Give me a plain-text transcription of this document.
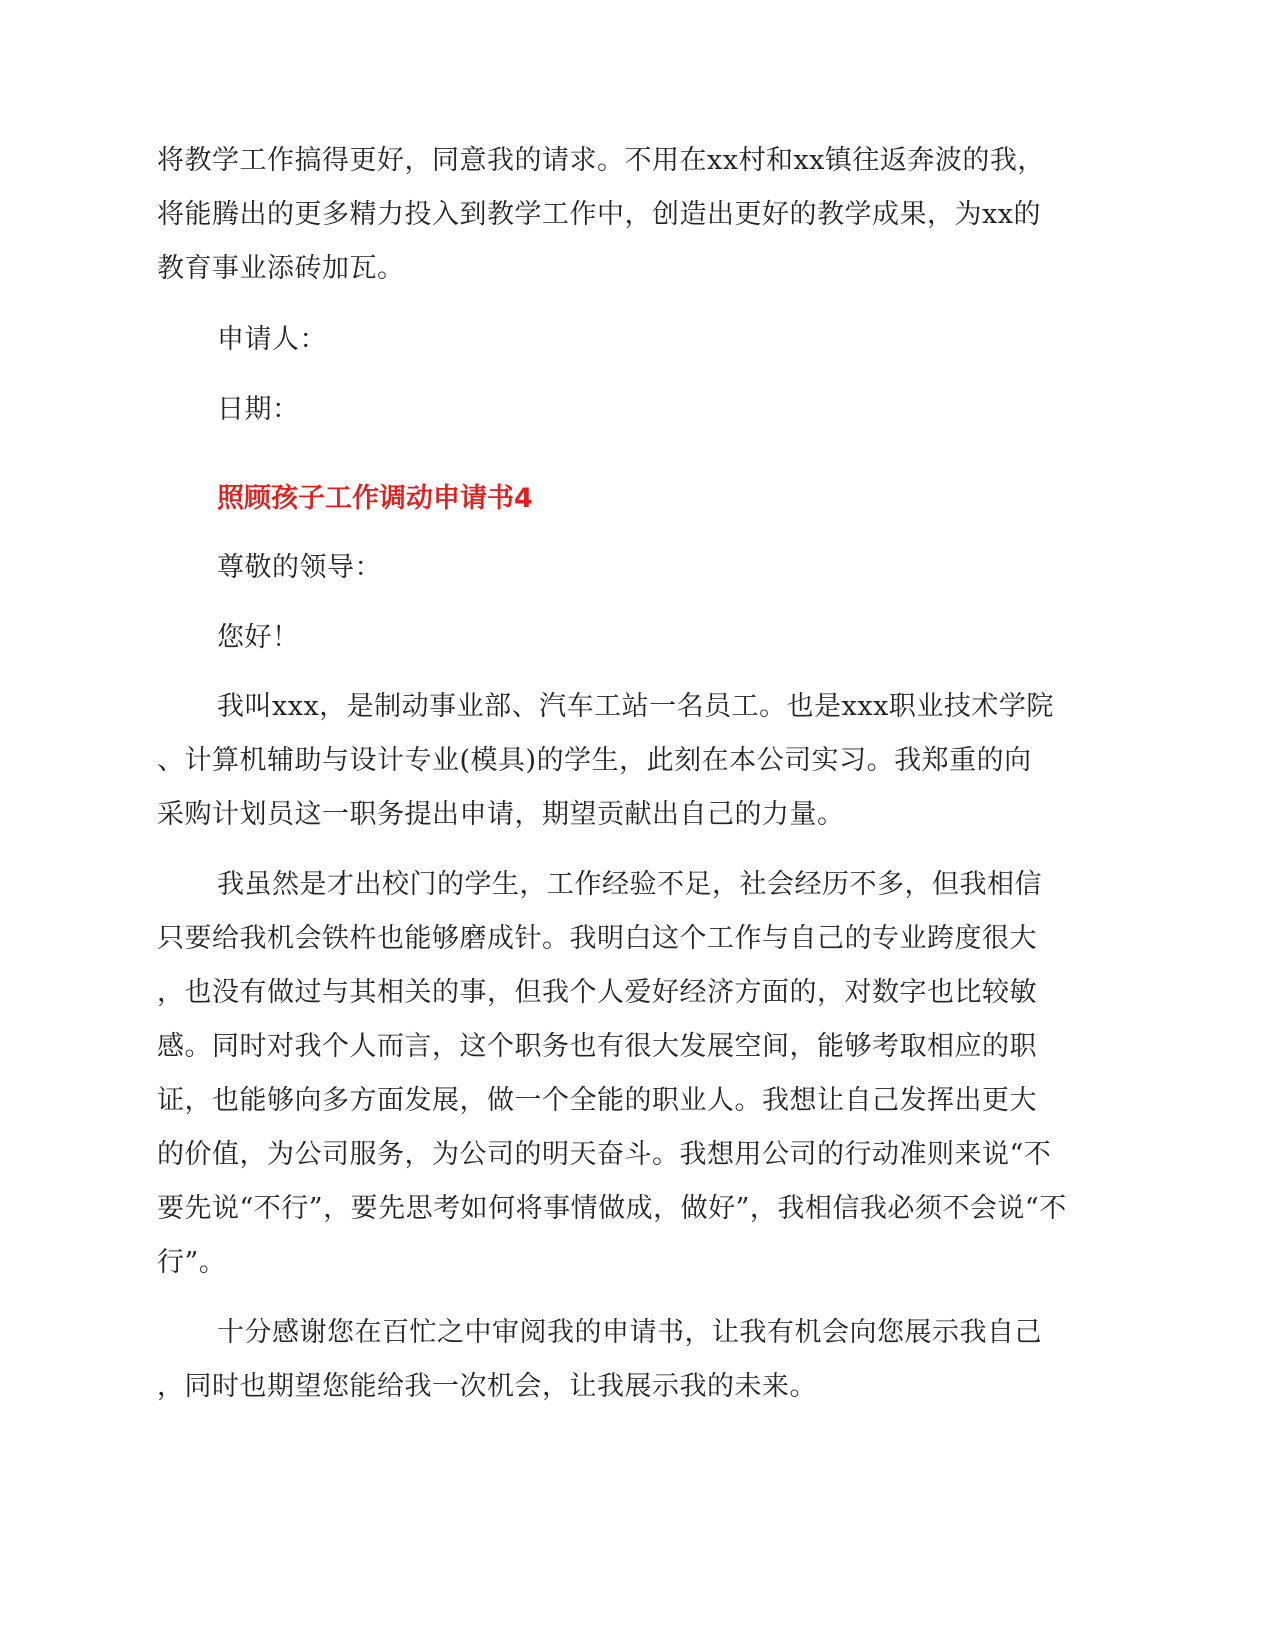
将教学工作搞得更好，同意我的请求。不用在xx村和xx镇往返奔波的我，
将能腾出的更多精力投入到教学工作中，创造出更好的教学成果，为xx的
教育事业添砖加瓦。
申请人：
日期：
照顾孩子工作调动申请书4
尊敬的领导：
您好！
我叫xxx，是制动事业部、汽车工站一名员工。也是xxx职业技术学院
、计算机辅助与设计专业(模具)的学生，此刻在本公司实习。我郑重的向
采购计划员这一职务提出申请，期望贡献出自己的力量。
我虽然是才出校门的学生，工作经验不足，社会经历不多，但我相信
只要给我机会铁杵也能够磨成针。我明白这个工作与自己的专业跨度很大
，也没有做过与其相关的事，但我个人爱好经济方面的，对数字也比较敏
感。同时对我个人而言，这个职务也有很大发展空间，能够考取相应的职
证，也能够向多方面发展，做一个全能的职业人。我想让自己发挥出更大
的价值，为公司服务，为公司的明天奋斗。我想用公司的行动准则来说“不
要先说“不行”，要先思考如何将事情做成，做好”，我相信我必须不会说“不
行”。
十分感谢您在百忙之中审阅我的申请书，让我有机会向您展示我自己
，同时也期望您能给我一次机会，让我展示我的未来。
